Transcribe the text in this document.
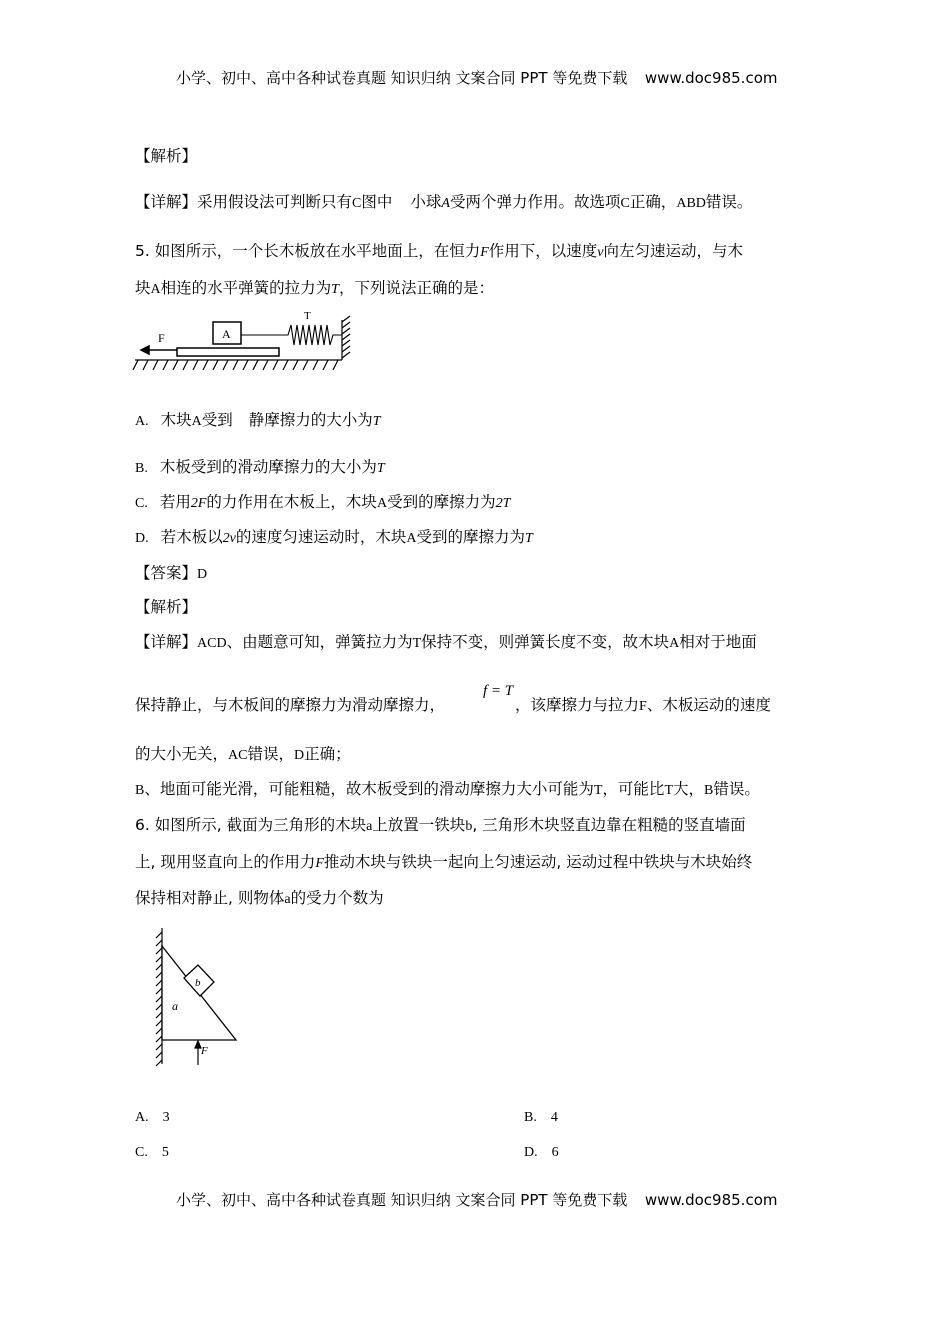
小学、初中、高中各种试卷真题 知识归纳 文案合同 PPT 等免费下载 www.doc985.com
【解析】
【详解】采用假设法可判断只有C图中 小球A受两个弹力作用。故选项C正确，ABD错误。
5. 如图所示，一个长木板放在水平地面上，在恒力F作用下，以速度v向左匀速运动，与木
块A相连的水平弹簧的拉力为T，下列说法正确的是：
A
T
F
A. 木块A受到 静摩擦力的大小为T
B. 木板受到的滑动摩擦力的大小为T
C. 若用2F的力作用在木板上，木块A受到的摩擦力为2T
D. 若木板以2v的速度匀速运动时，木块A受到的摩擦力为T
【答案】D
【解析】
【详解】ACD、由题意可知，弹簧拉力为T保持不变，则弹簧长度不变，故木块A相对于地面
f = T
保持静止，与木板间的摩擦力为滑动摩擦力，	，该摩擦力与拉力F、木板运动的速度
的大小无关，AC错误，D正确；
B、地面可能光滑，可能粗糙，故木板受到的滑动摩擦力大小可能为T，可能比T大，B错误。
6. 如图所示, 截面为三角形的木块a上放置一铁块b, 三角形木块竖直边靠在粗糙的竖直墙面
上, 现用竖直向上的作用力F推动木块与铁块一起向上匀速运动, 运动过程中铁块与木块始终
保持相对静止, 则物体a的受力个数为
b
a
F
A. 3	B. 4
C. 5	D. 6
小学、初中、高中各种试卷真题 知识归纳 文案合同 PPT 等免费下载 www.doc985.com
